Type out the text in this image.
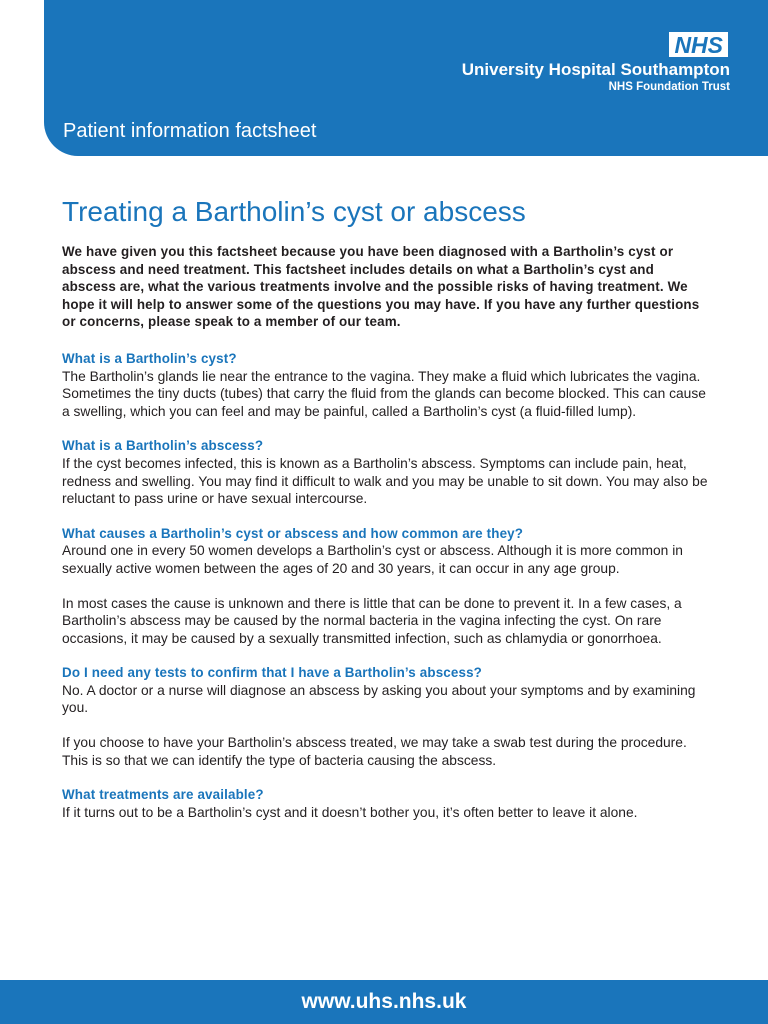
NHS
University Hospital Southampton
NHS Foundation Trust
Patient information factsheet
Treating a Bartholin’s cyst or abscess

We have given you this factsheet because you have been diagnosed with a Bartholin’s cyst or abscess and need treatment. This factsheet includes details on what a Bartholin’s cyst and abscess are, what the various treatments involve and the possible risks of having treatment. We hope it will help to answer some of the questions you may have. If you have any further questions or concerns, please speak to a member of our team.

What is a Bartholin’s cyst?

The Bartholin’s glands lie near the entrance to the vagina. They make a fluid which lubricates the vagina. Sometimes the tiny ducts (tubes) that carry the fluid from the glands can become blocked. This can cause a swelling, which you can feel and may be painful, called a Bartholin’s cyst (a fluid-filled lump).

What is a Bartholin’s abscess?

If the cyst becomes infected, this is known as a Bartholin’s abscess. Symptoms can include pain, heat, redness and swelling. You may find it difficult to walk and you may be unable to sit down. You may also be reluctant to pass urine or have sexual intercourse.

What causes a Bartholin’s cyst or abscess and how common are they?

Around one in every 50 women develops a Bartholin’s cyst or abscess. Although it is more common in sexually active women between the ages of 20 and 30 years, it can occur in any age group.

In most cases the cause is unknown and there is little that can be done to prevent it. In a few cases, a Bartholin’s abscess may be caused by the normal bacteria in the vagina infecting the cyst. On rare occasions, it may be caused by a sexually transmitted infection, such as chlamydia or gonorrhoea.

Do I need any tests to confirm that I have a Bartholin’s abscess?

No. A doctor or a nurse will diagnose an abscess by asking you about your symptoms and by examining you.

If you choose to have your Bartholin’s abscess treated, we may take a swab test during the procedure. This is so that we can identify the type of bacteria causing the abscess.

What treatments are available?

If it turns out to be a Bartholin’s cyst and it doesn’t bother you, it’s often better to leave it alone.

www.uhs.nhs.uk
